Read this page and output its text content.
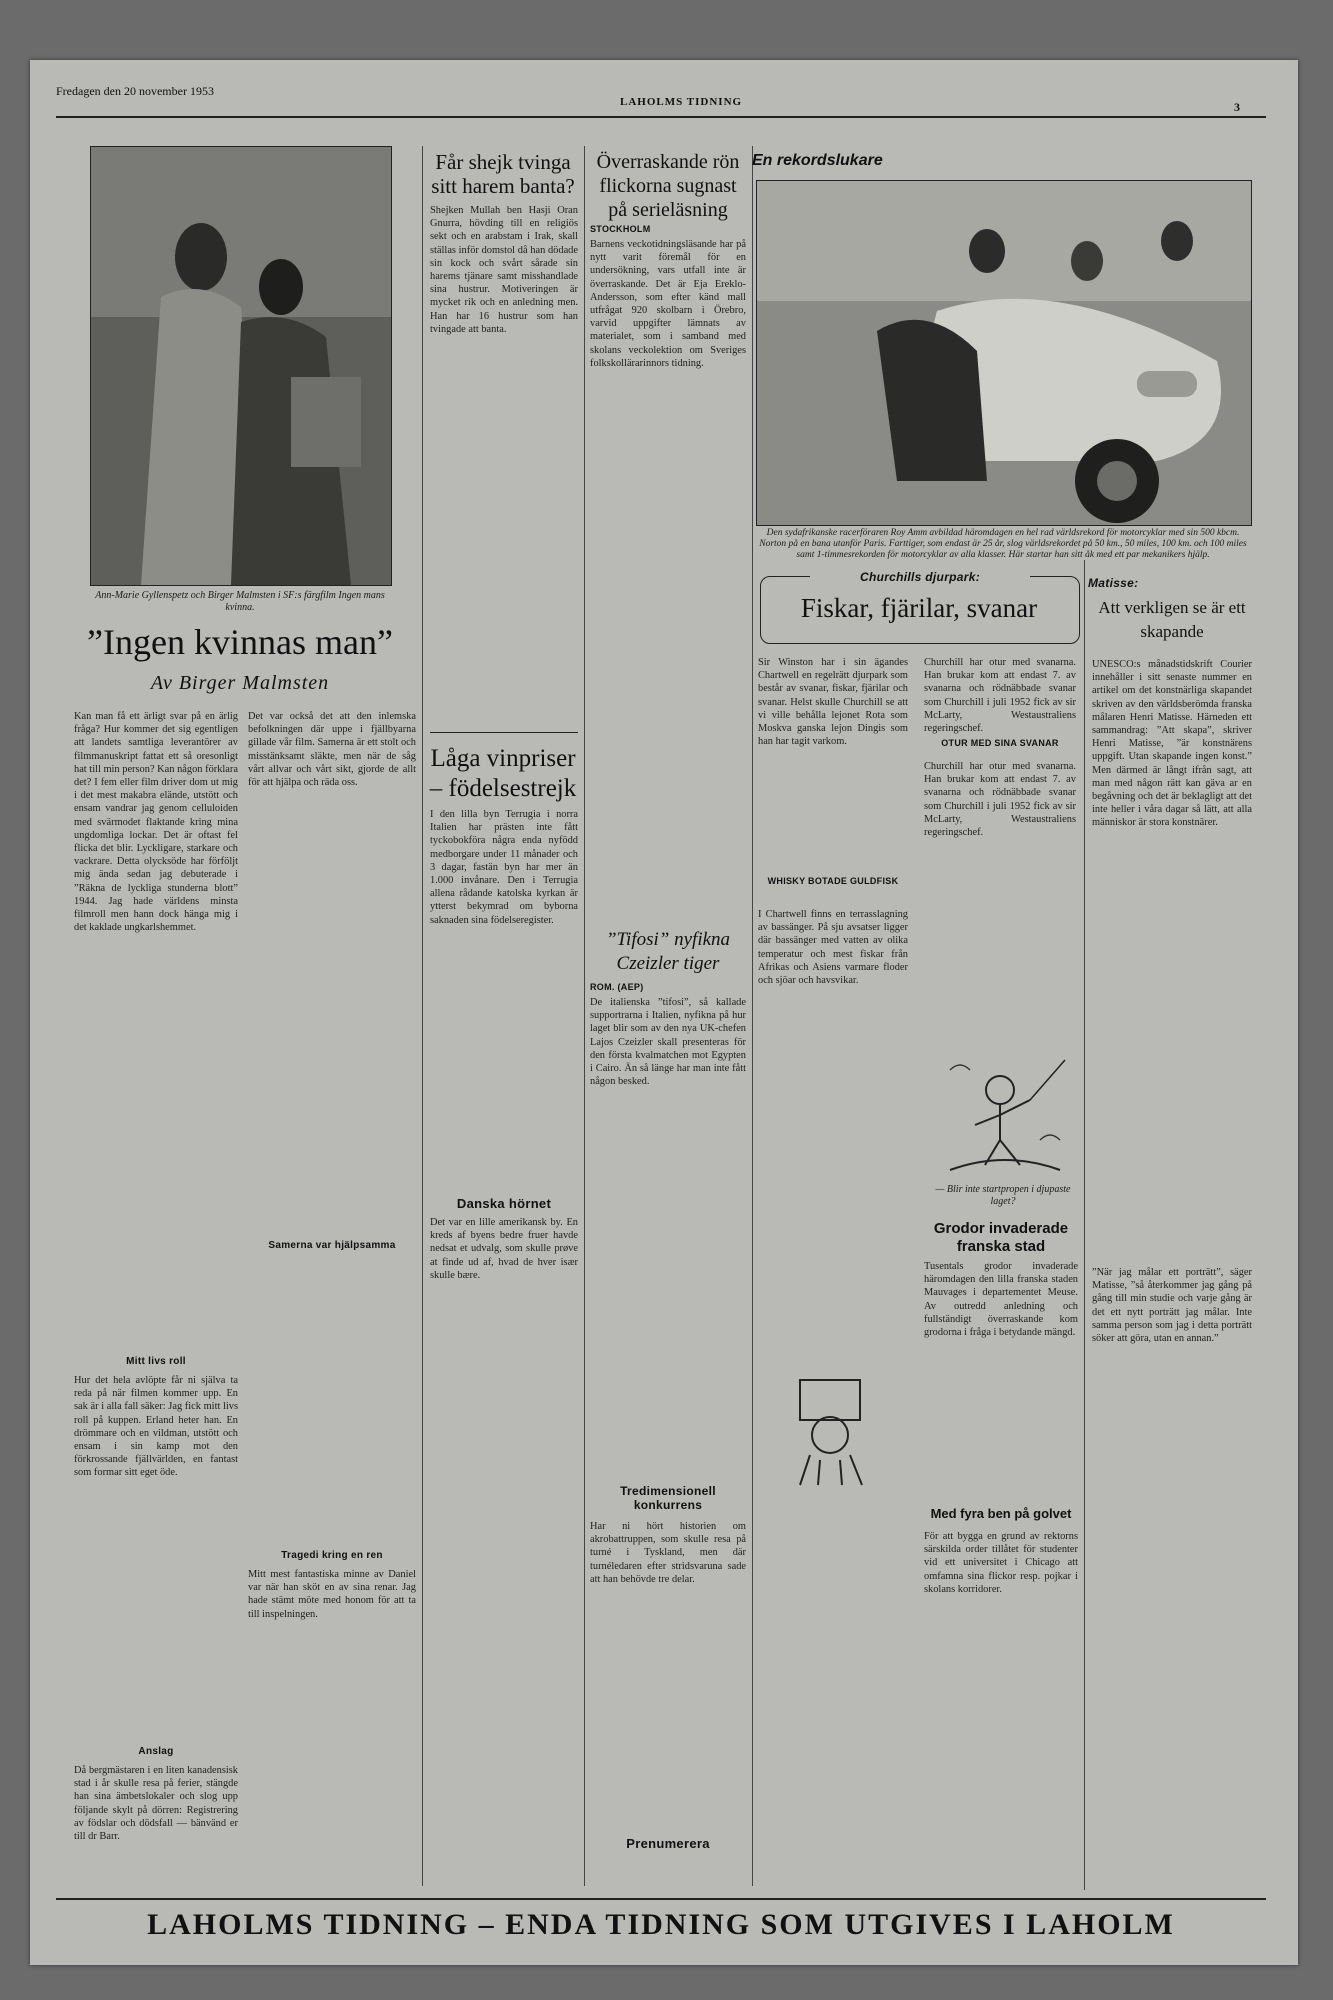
Fredagen den 20 november 1953
LAHOLMS TIDNING	3
Ann-Marie Gyllenspetz och Birger Malmsten i SF:s färgfilm Ingen mans kvinna.
”Ingen kvinnas man”
Av Birger Malmsten
Kan man få ett ärligt svar på en ärlig fråga? Hur kommer det sig egentligen att landets samtliga leverantörer av filmmanuskript fattat ett så oresonligt hat till min person? Kan någon förklara det? I fem eller film driver dom ut mig i det mest makabra elände, utstött och ensam vandrar jag genom celluloiden med svärmodet flaktande kring mina ungdomliga lockar. Det är oftast fel flicka det blir. Lyckligare, starkare och vackrare. Detta olycksöde har förföljt mig ända sedan jag debuterade i ”Räkna de lyckliga stunderna blott” 1944. Jag hade världens minsta filmroll men hann dock hänga mig i det kaklade ungkarlshemmet.
Mitt livs roll
Hur det hela avlöpte får ni själva ta reda på när filmen kommer upp. En sak är i alla fall säker: Jag fick mitt livs roll på kuppen. Erland heter han. En drömmare och en vildman, utstött och ensam i sin kamp mot den förkrossande fjällvärlden, en fantast som formar sitt eget öde.
Anslag
Då bergmästaren i en liten kanadensisk stad i år skulle resa på ferier, stängde han sina ämbetslokaler och slog upp följande skylt på dörren: Registrering av födslar och dödsfall — bänvänd er till dr Barr.
Det var också det att den inlemska befolkningen där uppe i fjällbyarna gillade vår film. Samerna är ett stolt och misstänksamt släkte, men när de såg vårt allvar och vårt sikt, gjorde de allt för att hjälpa och räda oss.
Tragedi kring en ren
Mitt mest fantastiska minne av Daniel var när han sköt en av sina renar. Jag hade stämt möte med honom för att ta till inspelningen.
Samerna var hjälpsamma
Får shejk tvinga sitt harem banta?
Shejken Mullah ben Hasji Oran Gnurra, hövding till en religiös sekt och en arabstam i Irak, skall ställas inför domstol då han dödade sin kock och svårt sårade sin harems tjänare samt misshandlade sina hustrur. Motiveringen är mycket rik och en anledning men. Han har 16 hustrur som han tvingade att banta.
Låga vinpriser – födelsestrejk
I den lilla byn Terrugia i norra Italien har prästen inte fått tyckobokföra några enda nyfödd medborgare under 11 månader och 3 dagar, fastän byn har mer än 1.000 invånare. Den i Terrugia allena rådande katolska kyrkan är ytterst bekymrad om byborna saknaden sina födelseregister.
Danska hörnet
Det var en lille amerikansk by. En kreds af byens bedre fruer havde nedsat et udvalg, som skulle prøve at finde ud af, hvad de hver især skulle bære.
Överraskande rön flickorna sugnast på serieläsning
STOCKHOLM
Barnens veckotidningsläsande har på nytt varit föremål för en undersökning, vars utfall inte är överraskande. Det är Eja Ereklo-Andersson, som efter känd mall utfrågat 920 skolbarn i Örebro, varvid uppgifter lämnats av materialet, som i samband med skolans veckolektion om Sveriges folkskollärarinnors tidning.
”Tifosi” nyfikna Czeizler tiger
ROM. (AEP)
De italienska ”tifosi”, så kallade supportrarna i Italien, nyfikna på hur laget blir som av den nya UK-chefen Lajos Czeizler skall presenteras för den första kvalmatchen mot Egypten i Cairo. Än så länge har man inte fått någon besked.
Tredimensionell konkurrens
Har ni hört historien om akrobattruppen, som skulle resa på turné i Tyskland, men där turnéledaren efter stridsvaruna sade att han behövde tre delar.
Prenumerera
En rekordslukare
Den sydafrikanske racerföraren Roy Amm avbildad häromdagen en hel rad världsrekord för motorcyklar med sin 500 kbcm. Norton på en bana utanför Paris. Farttiger, som endast är 25 år, slog världsrekordet på 50 km., 50 miles, 100 km. och 100 miles samt 1-timmesrekorden för motorcyklar av alla klasser. Här startar han sitt åk med ett par mekanikers hjälp.
Churchills djurpark:
Fiskar, fjärilar, svanar
Sir Winston har i sin ägandes Chartwell en regelrätt djurpark som består av svanar, fiskar, fjärilar och svanar. Helst skulle Churchill se att vi ville behålla lejonet Rota som Moskva ganska lejon Dingis som han har tagit varkom.
WHISKY BOTADE GULDFISK
I Chartwell finns en terrasslagning av bassänger. På sju avsatser ligger där bassänger med vatten av olika temperatur och mest fiskar från Afrikas och Asiens varmare floder och sjöar och havsvikar.
Churchill har otur med svanarna. Han brukar kom att endast 7. av svanarna och rödnäbbade svanar som Churchill i juli 1952 fick av sir McLarty, Westaustraliens regeringschef.
OTUR MED SINA SVANAR
Churchill har otur med svanarna. Han brukar kom att endast 7. av svanarna och rödnäbbade svanar som Churchill i juli 1952 fick av sir McLarty, Westaustraliens regeringschef.
— Blir inte startpropen i djupaste laget?
Grodor invaderade franska stad
Tusentals grodor invaderade häromdagen den lilla franska staden Mauvages i departementet Meuse. Av outredd anledning och fullständigt överraskande kom grodorna i fråga i betydande mängd.
Med fyra ben på golvet
För att bygga en grund av rektorns särskilda order tillåtet för studenter vid ett universitet i Chicago att omfamna sina flickor resp. pojkar i skolans korridorer.
Matisse:
Att verkligen se är ett skapande
UNESCO:s månadstidskrift Courier innehåller i sitt senaste nummer en artikel om det konstnärliga skapandet skriven av den världsberömda franska målaren Henri Matisse. Härneden ett sammandrag: ”Att skapa”, skriver Henri Matisse, ”är konstnärens uppgift. Utan skapande ingen konst.” Men därmed är långt ifrån sagt, att man med någon rätt kan gäva ar en begåvning och det är beklagligt att det inte heller i våra dagar så lätt, att alla människor är stora konstnärer.
”När jag målar ett porträtt”, säger Matisse, ”så återkommer jag gång på gång till min studie och varje gång är det ett nytt porträtt jag målar. Inte samma person som jag i detta porträtt söker att göra, utan en annan.”
LAHOLMS TIDNING – ENDA TIDNING SOM UTGIVES I LAHOLM
